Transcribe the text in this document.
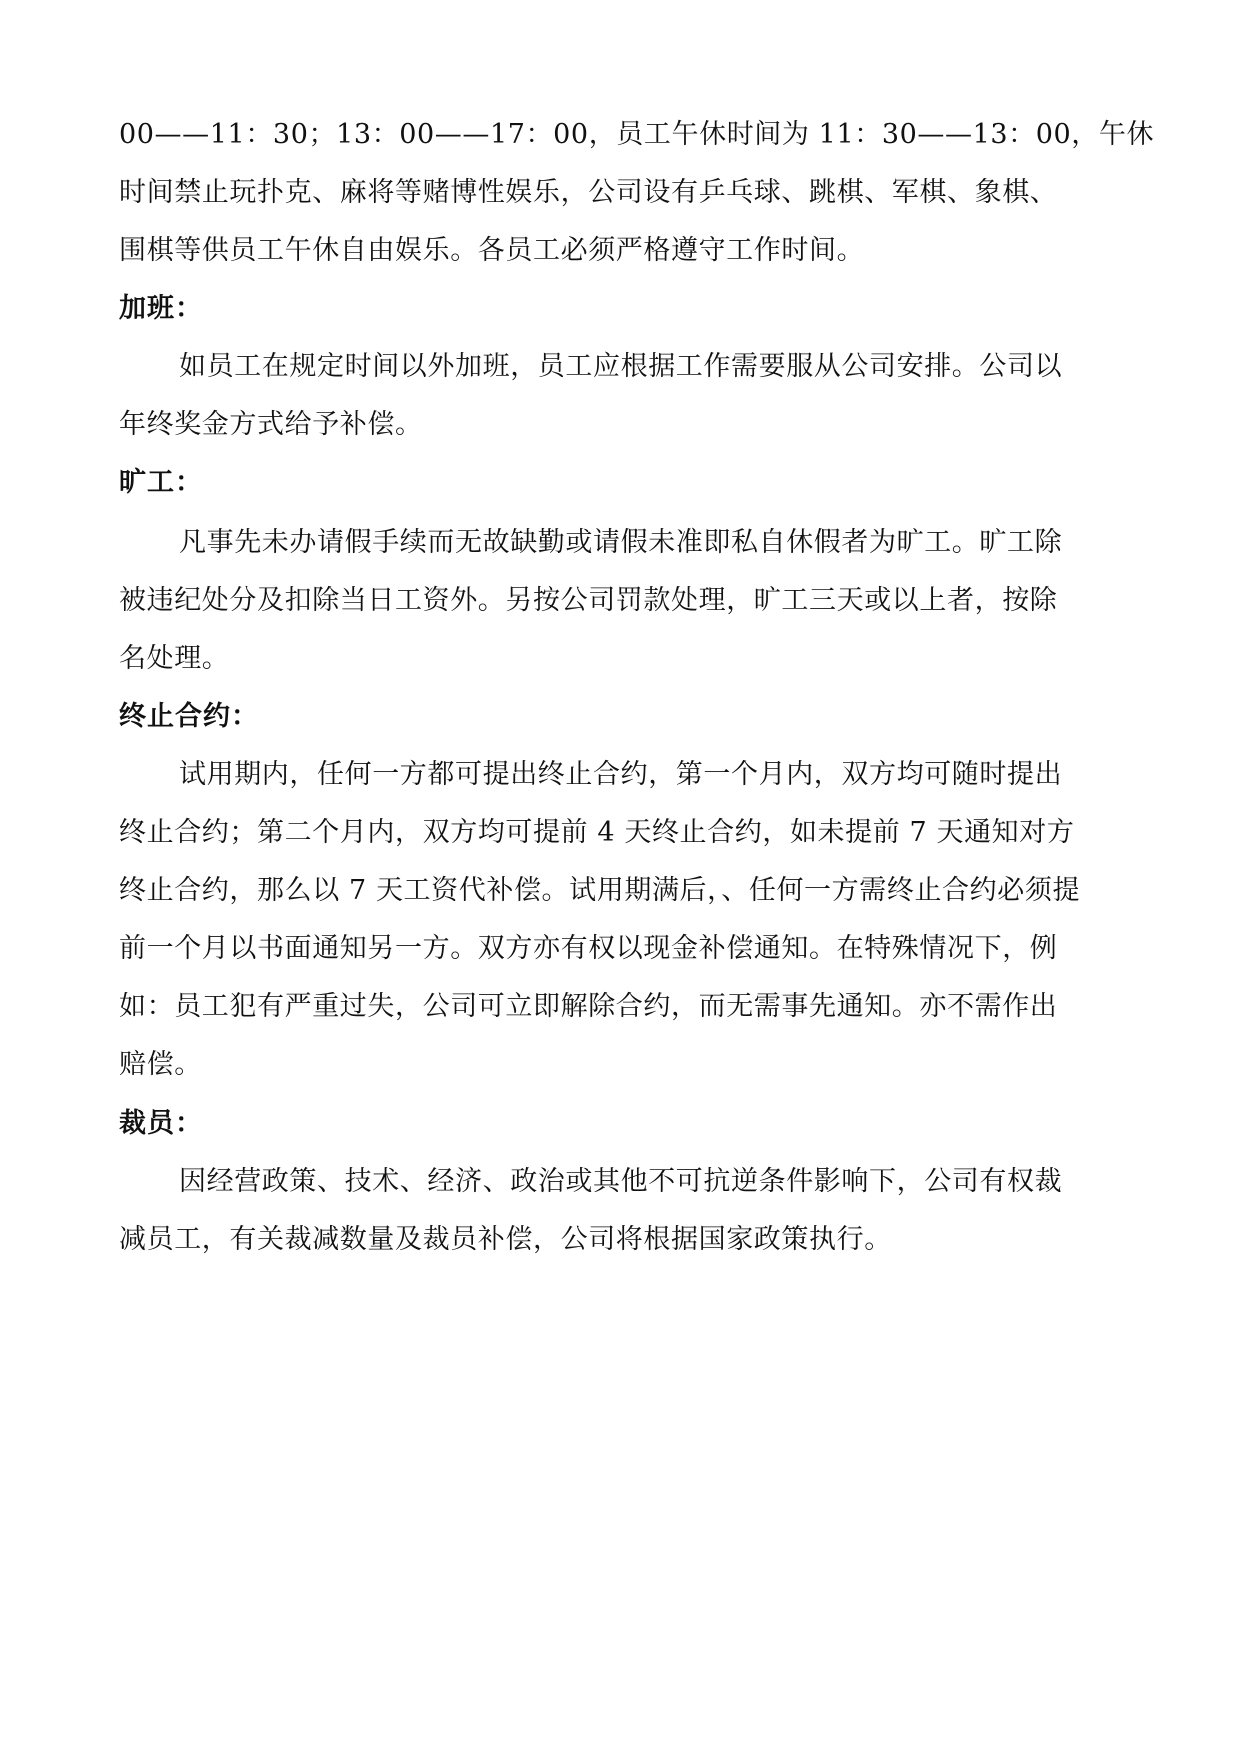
00——11：30；13：00——17：00，员工午休时间为 11：30——13：00，午休
时间禁止玩扑克、麻将等赌博性娱乐，公司设有乒乓球、跳棋、军棋、象棋、
围棋等供员工午休自由娱乐。各员工必须严格遵守工作时间。
加班：
如员工在规定时间以外加班，员工应根据工作需要服从公司安排。公司以
年终奖金方式给予补偿。
旷工：
凡事先未办请假手续而无故缺勤或请假未准即私自休假者为旷工。旷工除
被违纪处分及扣除当日工资外。另按公司罚款处理，旷工三天或以上者，按除
名处理。
终止合约：
试用期内，任何一方都可提出终止合约，第一个月内，双方均可随时提出
终止合约；第二个月内，双方均可提前 4 天终止合约，如未提前 7 天通知对方
终止合约，那么以 7 天工资代补偿。试用期满后，、任何一方需终止合约必须提
前一个月以书面通知另一方。双方亦有权以现金补偿通知。在特殊情况下，例
如：员工犯有严重过失，公司可立即解除合约，而无需事先通知。亦不需作出
赔偿。
裁员：
因经营政策、技术、经济、政治或其他不可抗逆条件影响下，公司有权裁
减员工，有关裁减数量及裁员补偿，公司将根据国家政策执行。
